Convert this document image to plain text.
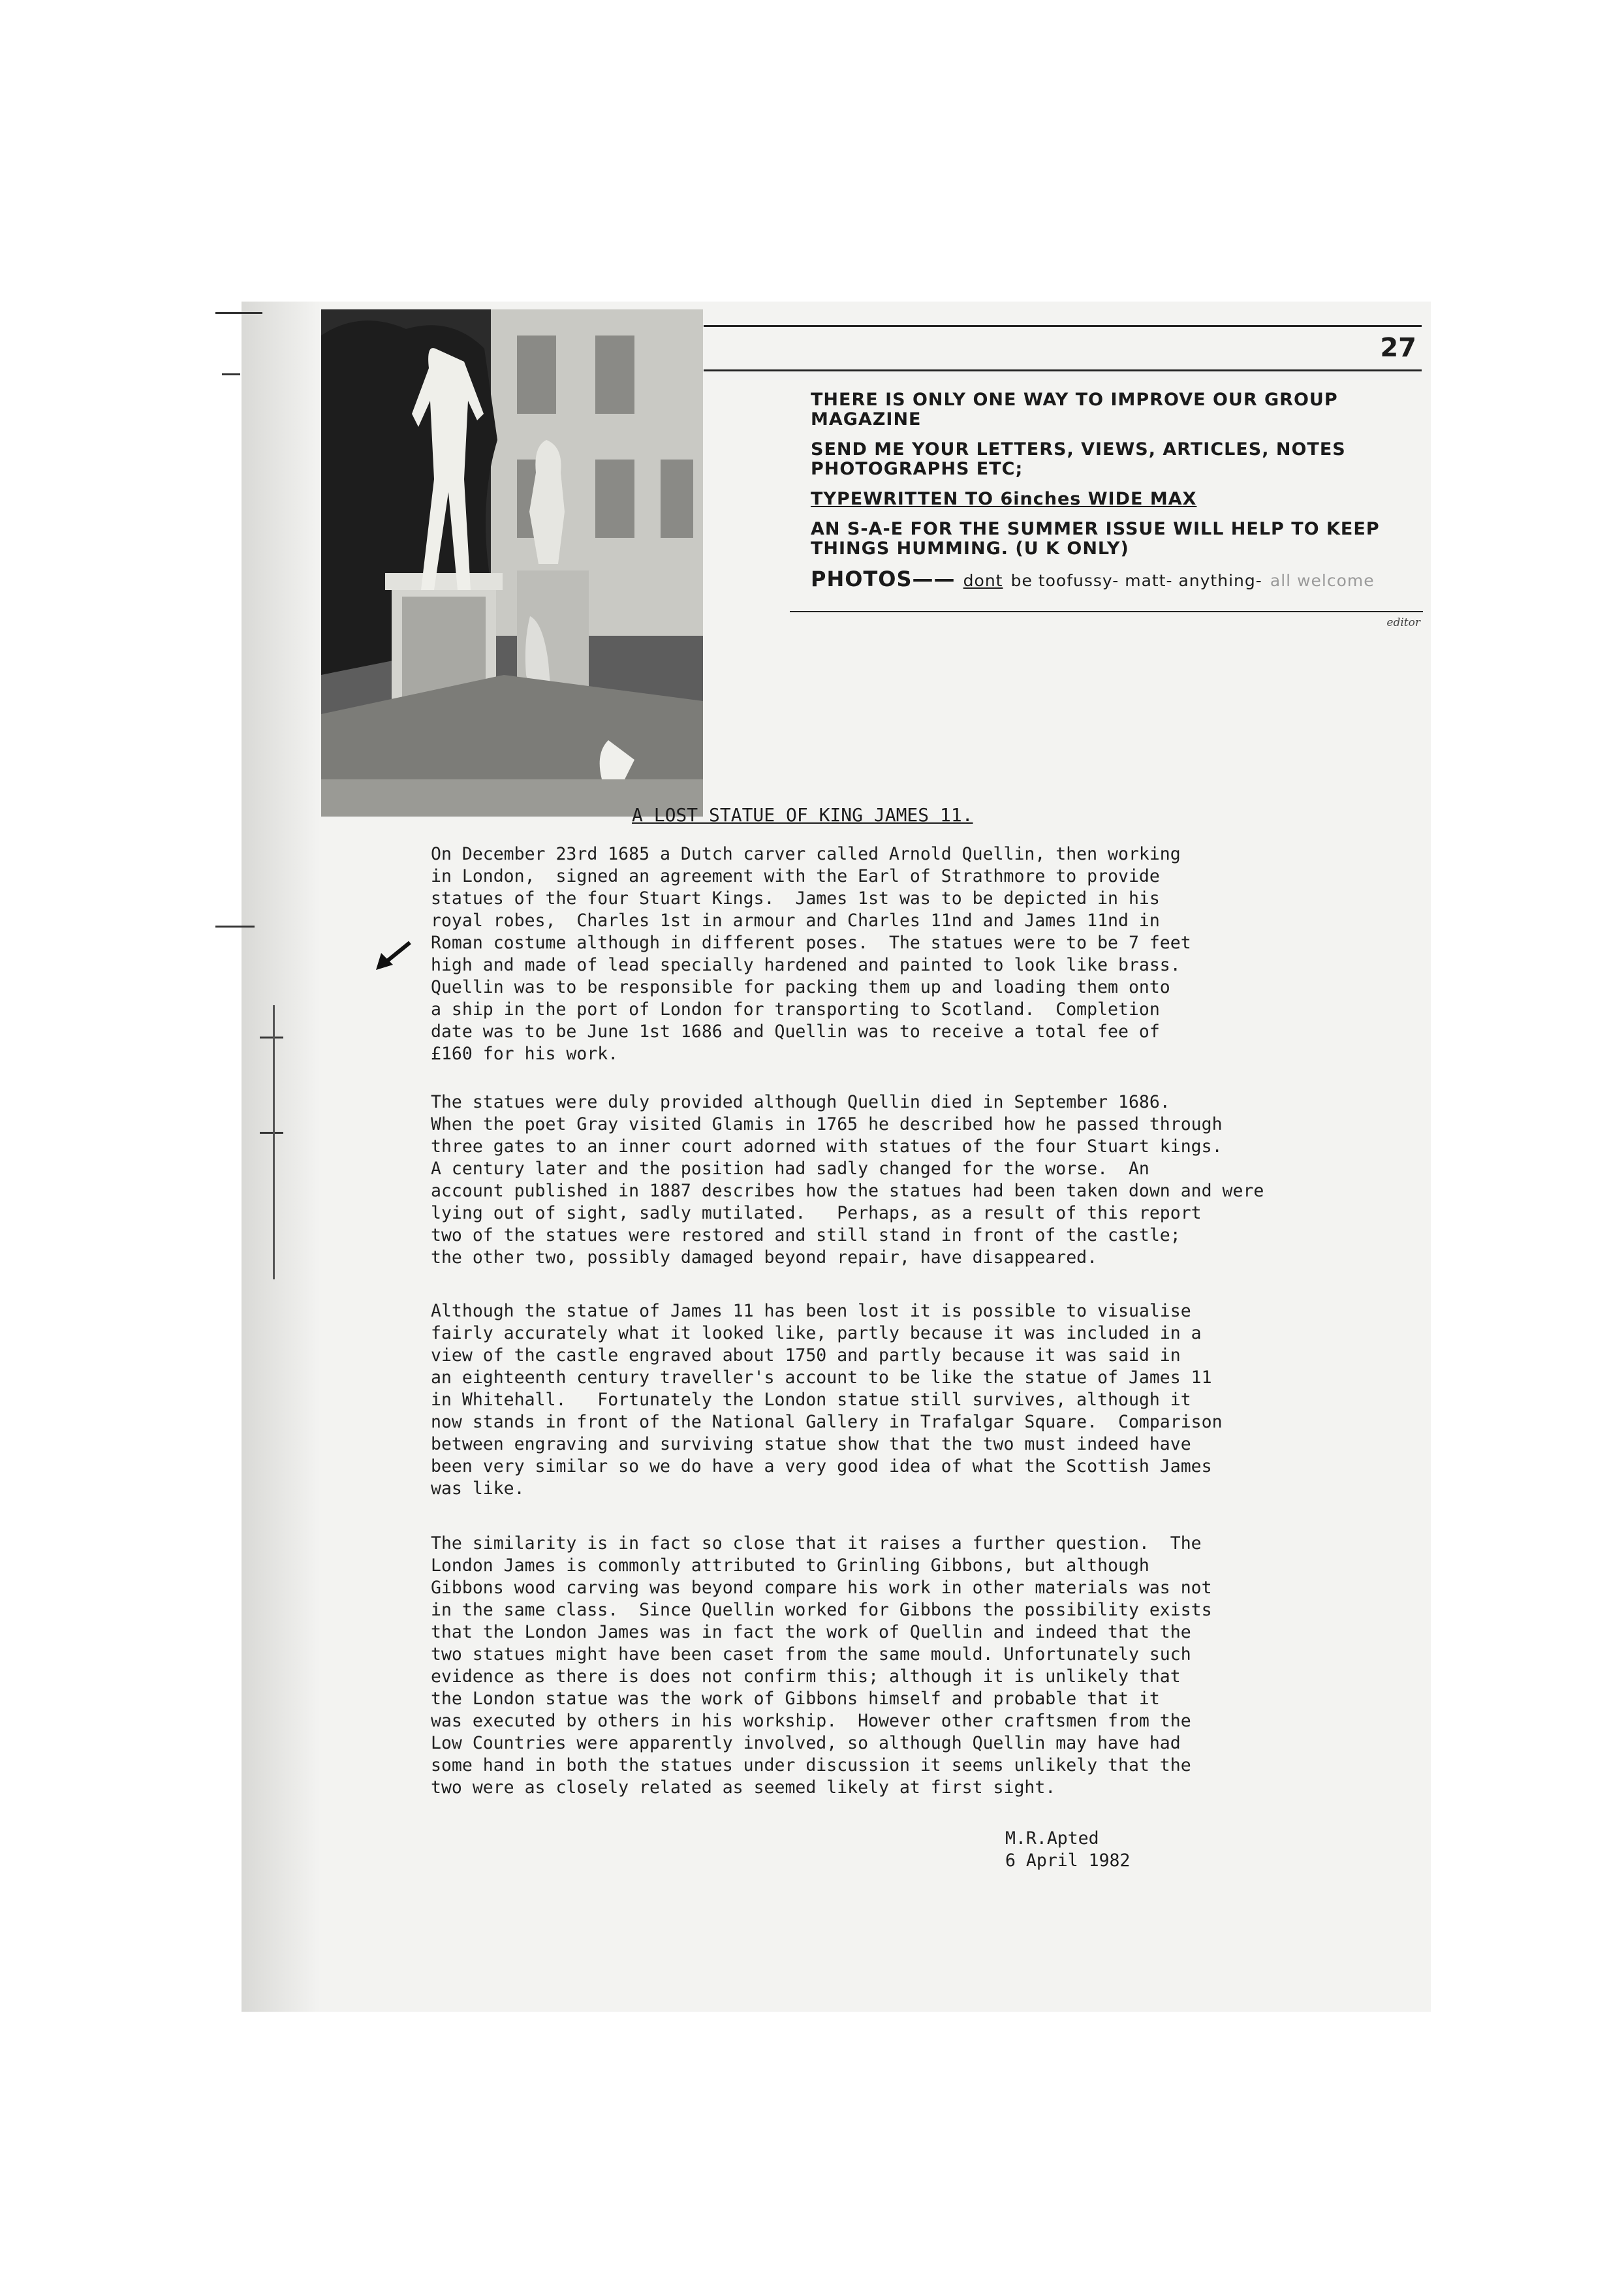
27

THERE IS ONLY ONE WAY TO IMPROVE OUR GROUP MAGAZINE

SEND ME YOUR LETTERS, VIEWS, ARTICLES, NOTES PHOTOGRAPHS ETC;

TYPEWRITTEN TO 6inches WIDE MAX

AN S-A-E FOR THE SUMMER ISSUE WILL HELP TO KEEP THINGS HUMMING. (U K ONLY)

PHOTOS—— dont be toofussy- matt- anything- all welcome

editor
A LOST STATUE OF KING JAMES 11.

On December 23rd 1685 a Dutch carver called Arnold Quellin, then working
in London,  signed an agreement with the Earl of Strathmore to provide
statues of the four Stuart Kings.  James 1st was to be depicted in his
royal robes,  Charles 1st in armour and Charles 11nd and James 11nd in
Roman costume although in different poses.  The statues were to be 7 feet
high and made of lead specially hardened and painted to look like brass.
Quellin was to be responsible for packing them up and loading them onto
a ship in the port of London for transporting to Scotland.  Completion
date was to be June 1st 1686 and Quellin was to receive a total fee of
£160 for his work.

The statues were duly provided although Quellin died in September 1686.
When the poet Gray visited Glamis in 1765 he described how he passed through
three gates to an inner court adorned with statues of the four Stuart kings.
A century later and the position had sadly changed for the worse.  An
account published in 1887 describes how the statues had been taken down and were
lying out of sight, sadly mutilated.   Perhaps, as a result of this report
two of the statues were restored and still stand in front of the castle;
the other two, possibly damaged beyond repair, have disappeared.

Although the statue of James 11 has been lost it is possible to visualise
fairly accurately what it looked like, partly because it was included in a
view of the castle engraved about 1750 and partly because it was said in
an eighteenth century traveller's account to be like the statue of James 11
in Whitehall.   Fortunately the London statue still survives, although it
now stands in front of the National Gallery in Trafalgar Square.  Comparison
between engraving and surviving statue show that the two must indeed have
been very similar so we do have a very good idea of what the Scottish James
was like.

The similarity is in fact so close that it raises a further question.  The
London James is commonly attributed to Grinling Gibbons, but although
Gibbons wood carving was beyond compare his work in other materials was not
in the same class.  Since Quellin worked for Gibbons the possibility exists
that the London James was in fact the work of Quellin and indeed that the
two statues might have been caset from the same mould. Unfortunately such
evidence as there is does not confirm this; although it is unlikely that
the London statue was the work of Gibbons himself and probable that it
was executed by others in his workship.  However other craftsmen from the
Low Countries were apparently involved, so although Quellin may have had
some hand in both the statues under discussion it seems unlikely that the
two were as closely related as seemed likely at first sight.

M.R.Apted

6 April 1982
